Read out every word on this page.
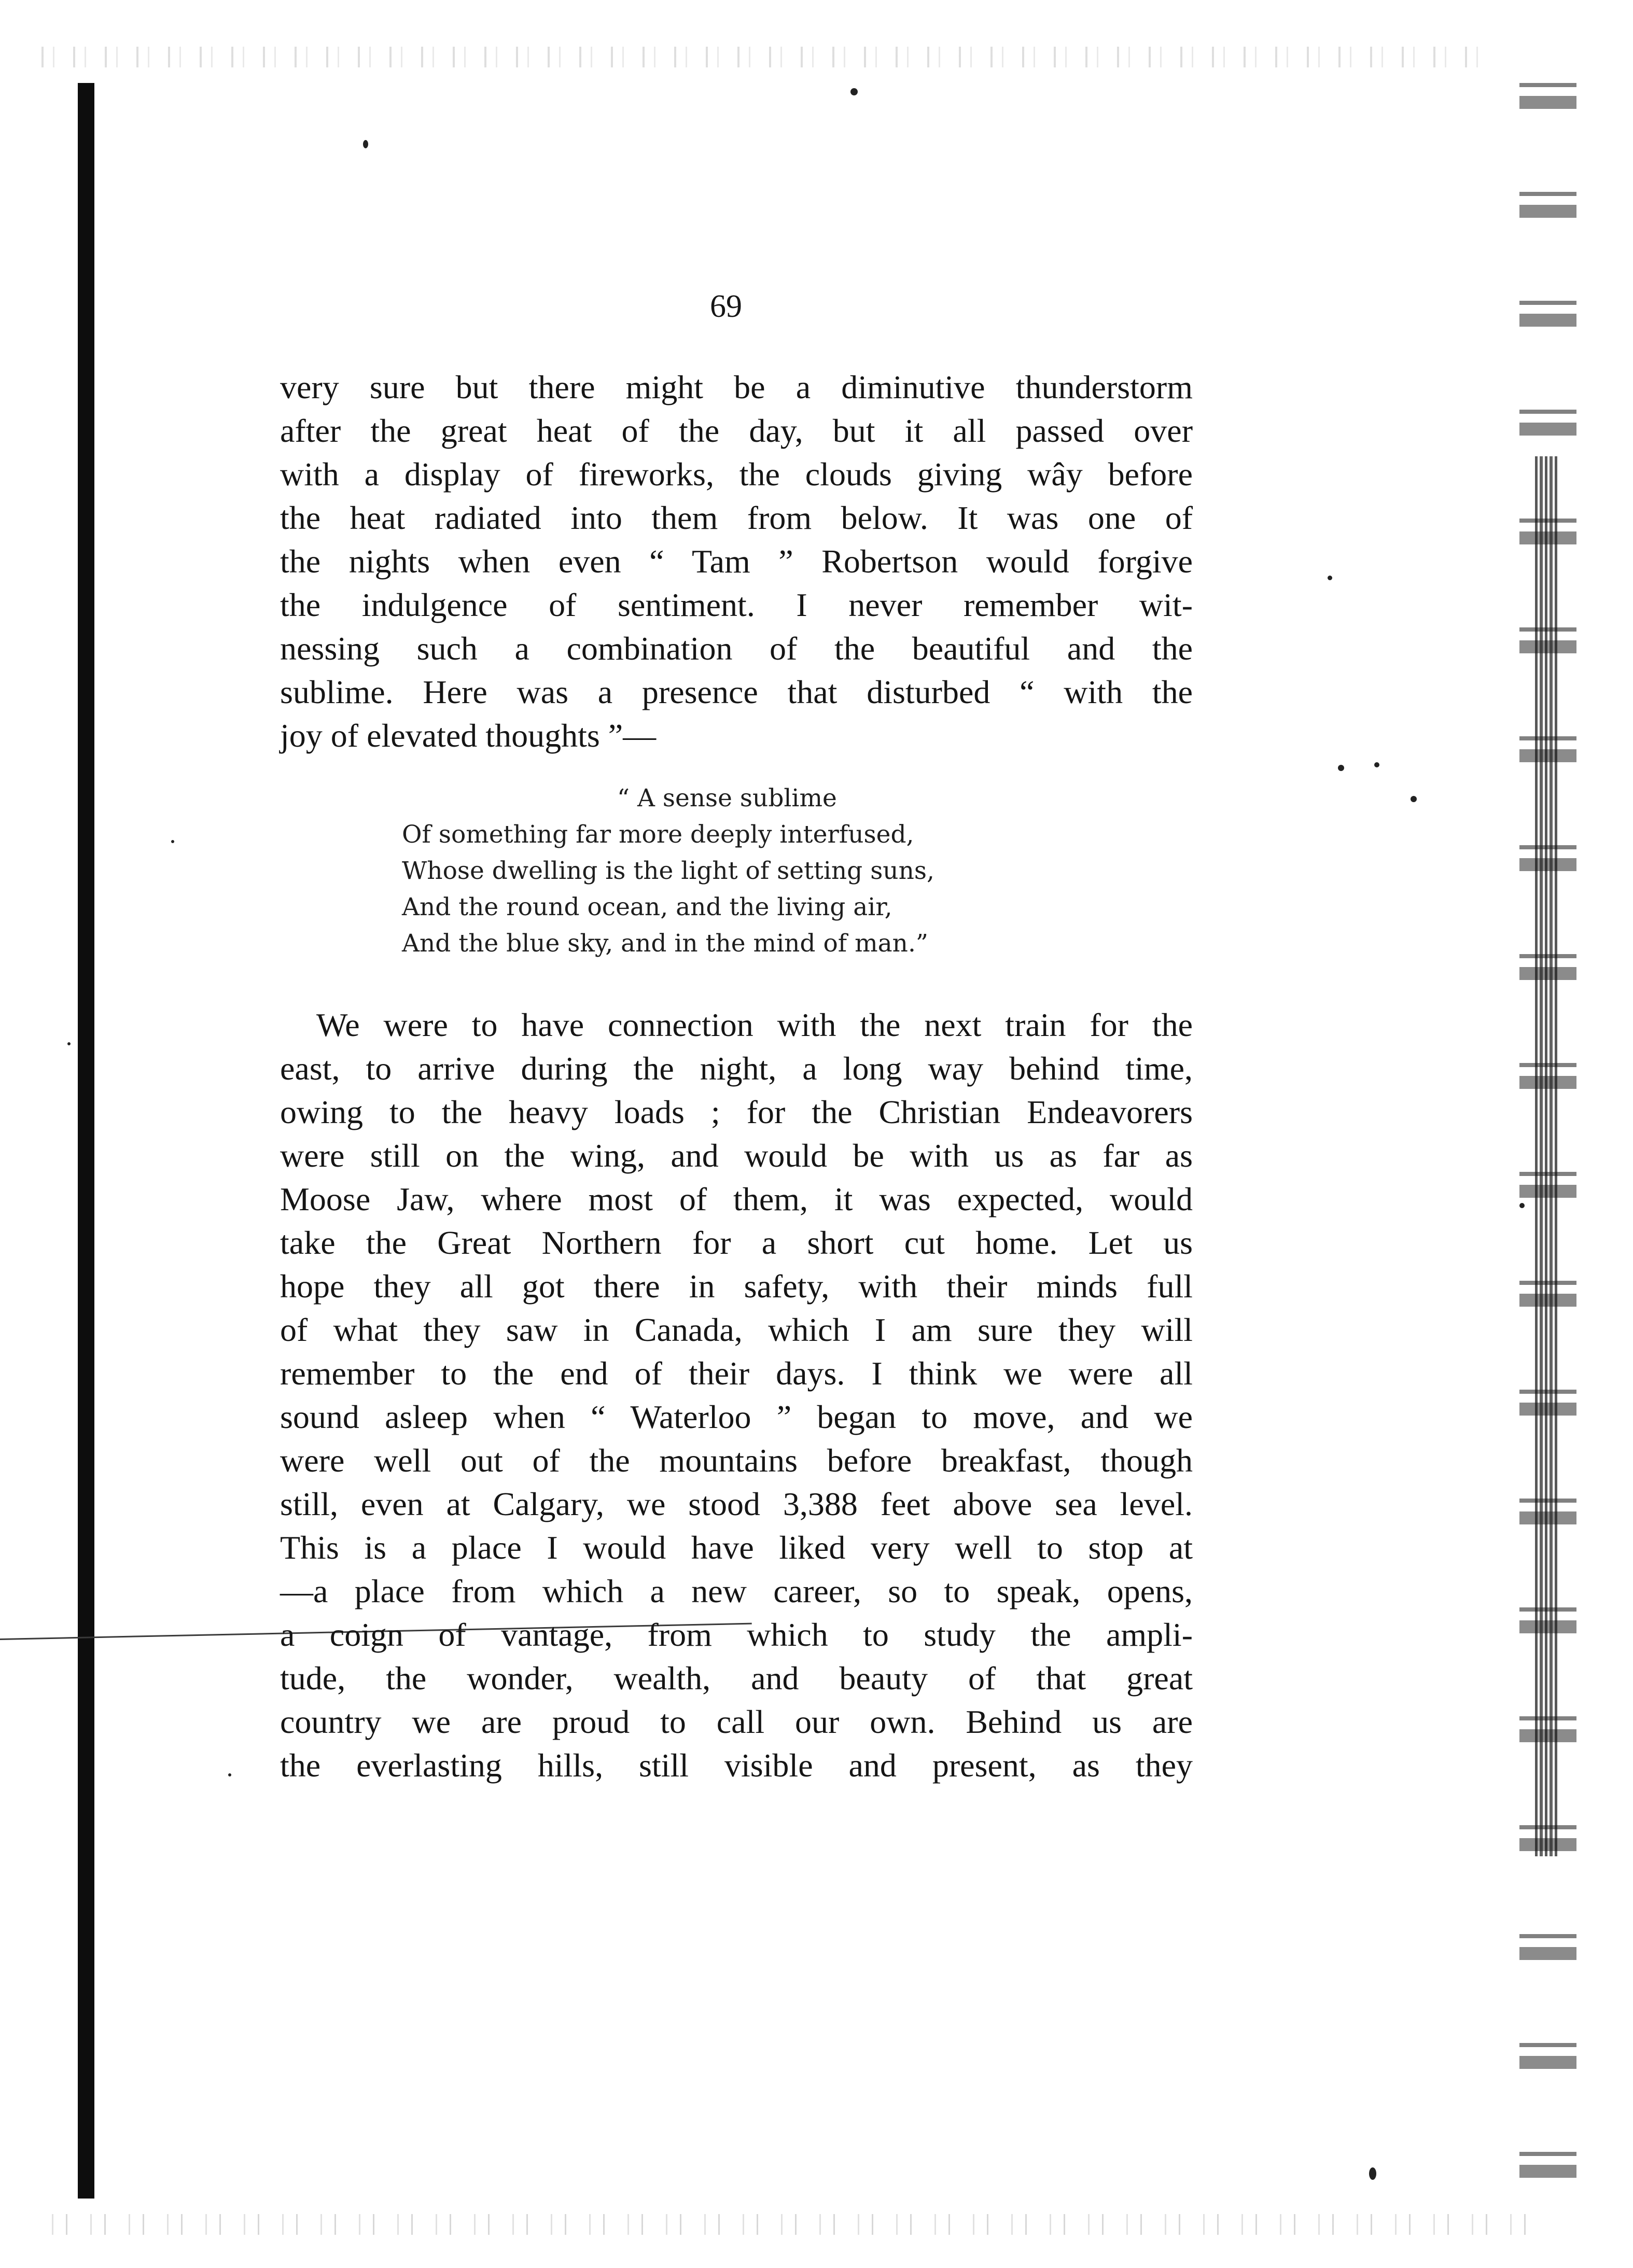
69
very sure but there might be a diminutive thunderstorm
after the great heat of the day, but it all passed over
with a display of fireworks, the clouds giving wây before
the heat radiated into them from below. It was one of
the nights when even “ Tam ” Robertson would forgive
the indulgence of sentiment. I never remember wit-
nessing such a combination of the beautiful and the
sublime. Here was a presence that disturbed “ with the
joy of elevated thoughts ”—
“ A sense sublime
Of something far more deeply interfused,
Whose dwelling is the light of setting suns,
And the round ocean, and the living air,
And the blue sky, and in the mind of man.”
We were to have connection with the next train for the
east, to arrive during the night, a long way behind time,
owing to the heavy loads ; for the Christian Endeavorers
were still on the wing, and would be with us as far as
Moose Jaw, where most of them, it was expected, would
take the Great Northern for a short cut home. Let us
hope they all got there in safety, with their minds full
of what they saw in Canada, which I am sure they will
remember to the end of their days. I think we were all
sound asleep when “ Waterloo ” began to move, and we
were well out of the mountains before breakfast, though
still, even at Calgary, we stood 3,388 feet above sea level.
This is a place I would have liked very well to stop at
—a place from which a new career, so to speak, opens,
a coign of vantage, from which to study the ampli-
tude, the wonder, wealth, and beauty of that great
country we are proud to call our own. Behind us are
the everlasting hills, still visible and present, as they
